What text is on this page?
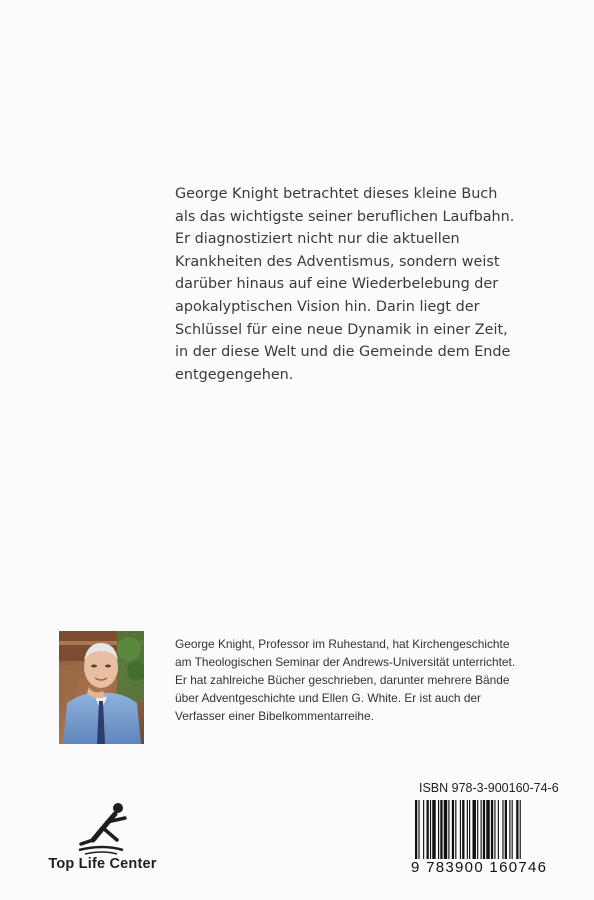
George Knight betrachtet dieses kleine Buch
als das wichtigste seiner beruflichen Laufbahn.
Er diagnostiziert nicht nur die aktuellen
Krankheiten des Adventismus, sondern weist
darüber hinaus auf eine Wiederbelebung der
apokalyptischen Vision hin. Darin liegt der
Schlüssel für eine neue Dynamik in einer Zeit,
in der diese Welt und die Gemeinde dem Ende
entgegengehen.
George Knight, Professor im Ruhestand, hat Kirchengeschichte
am Theologischen Seminar der Andrews-Universität unterrichtet.
Er hat zahlreiche Bücher geschrieben, darunter mehrere Bände
über Adventgeschichte und Ellen G. White. Er ist auch der
Verfasser einer Bibelkommentarreihe.
Top Life Center
ISBN 978-3-900160-74-6
9 783900 160746
